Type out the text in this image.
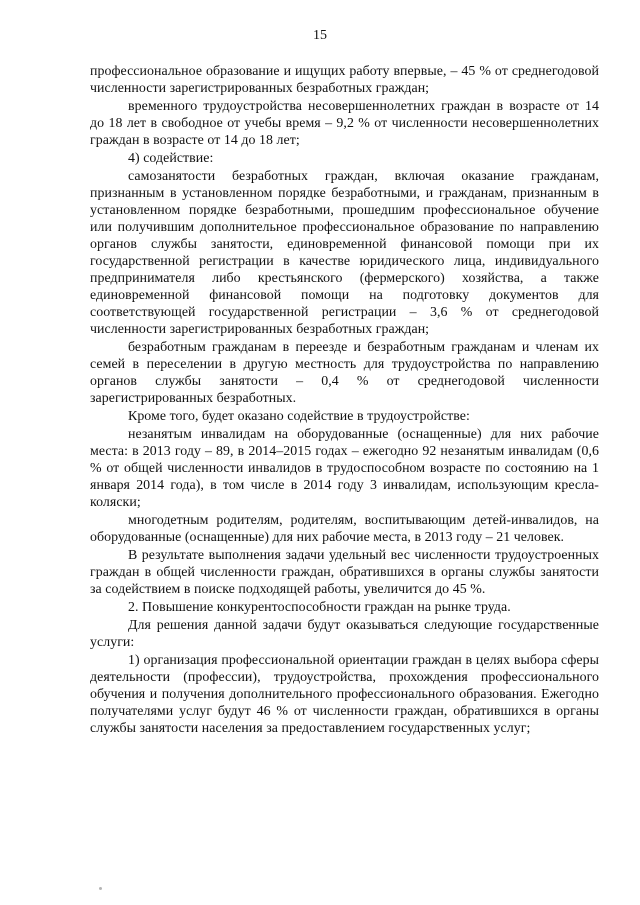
15

профессиональное образование и ищущих работу впервые, – 45 % от среднегодовой численности зарегистрированных безработных граждан;

временного трудоустройства несовершеннолетних граждан в возрасте от 14 до 18 лет в свободное от учебы время – 9,2 % от численности несовершеннолетних граждан в возрасте от 14 до 18 лет;

4) содействие:

самозанятости безработных граждан, включая оказание гражданам, признанным в установленном порядке безработными, и гражданам, признанным в установленном порядке безработными, прошедшим профессиональное обучение или получившим дополнительное профессиональное образование по направлению органов службы занятости, единовременной финансовой помощи при их государственной регистрации в качестве юридического лица, индивидуального предпринимателя либо крестьянского (фермерского) хозяйства, а также единовременной финансовой помощи на подготовку документов для соответствующей государственной регистрации – 3,6 % от среднегодовой численности зарегистрированных безработных граждан;

безработным гражданам в переезде и безработным гражданам и членам их семей в переселении в другую местность для трудоустройства по направлению органов службы занятости – 0,4 % от среднегодовой численности зарегистрированных безработных.

Кроме того, будет оказано содействие в трудоустройстве:

незанятым инвалидам на оборудованные (оснащенные) для них рабочие места: в 2013 году – 89, в 2014–2015 годах – ежегодно 92 незанятым инвалидам (0,6 % от общей численности инвалидов в трудоспособном возрасте по состоянию на 1 января 2014 года), в том числе в 2014 году 3 инвалидам, использующим кресла-коляски;

многодетным родителям, родителям, воспитывающим детей-инвалидов, на оборудованные (оснащенные) для них рабочие места, в 2013 году – 21 человек.

В результате выполнения задачи удельный вес численности трудоустроенных граждан в общей численности граждан, обратившихся в органы службы занятости за содействием в поиске подходящей работы, увеличится до 45 %.

2. Повышение конкурентоспособности граждан на рынке труда.

Для решения данной задачи будут оказываться следующие государственные услуги:

1) организация профессиональной ориентации граждан в целях выбора сферы деятельности (профессии), трудоустройства, прохождения профессионального обучения и получения дополнительного профессионального образования. Ежегодно получателями услуг будут 46 % от численности граждан, обратившихся в органы службы занятости населения за предоставлением государственных услуг;
